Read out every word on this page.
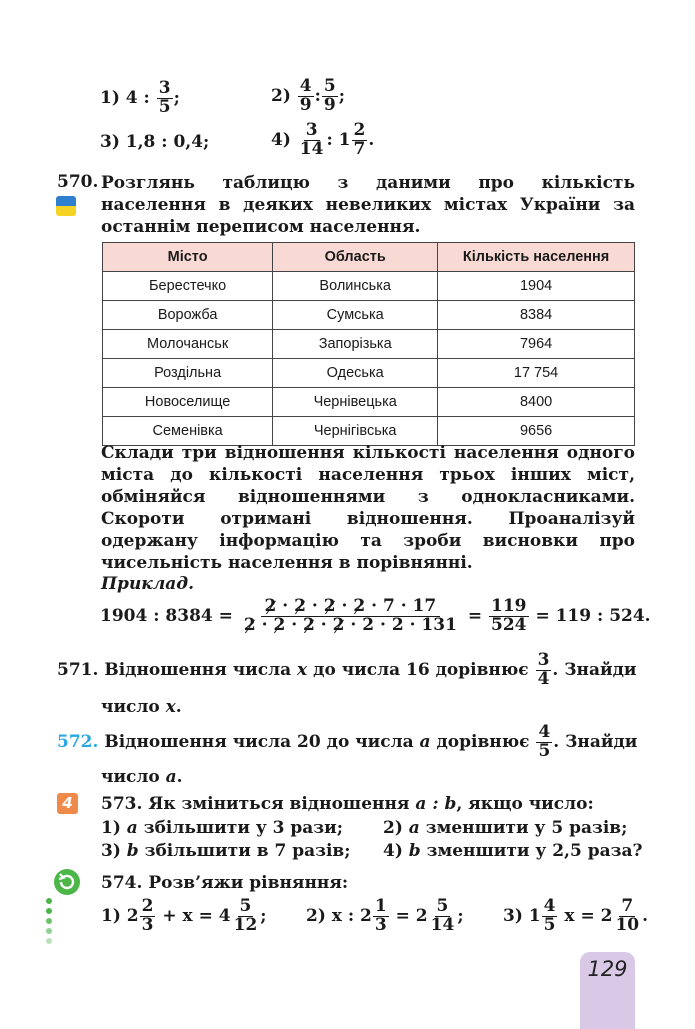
1) 4 :
$\frac{3}{5}$ ;	2)
$\frac{4}{9}$ : $\frac{5}{9}$ ;
3) 1,8 : 0,4;	4)
$\frac{3}{14}$ : $1 \frac{2}{7}$ .
570. Розглянь таблицю з даними про кількість населення в деяких невеликих містах України за останнім переписом населення.
Місто	Область	Кількість населення
Берестечко	Волинська	1904
Ворожба	Сумська	8384
Молочанськ	Запорізька	7964
Роздільна	Одеська	17 754
Новоселище	Чернівецька	8400
Семенівка	Чернігівська	9656
Склади три відношення кількості населення одного міста до кількості населення трьох інших міст, обміняйся відношеннями з однокласниками. Скороти отримані відношення. Проаналізуй одержану інформацію та зроби висновки про чисельність населення в порівнянні.
Приклад.
1904 : 8384 =
$\frac{2 \cdot 2 \cdot 2 \cdot 2 \cdot 7 \cdot 17}{2 \cdot 2 \cdot 2 \cdot 2 \cdot 2 \cdot 2 \cdot 131}$
=
$\frac{119}{524}$
= 119 : 524.
571.
Відношення числа
x
до числа 16 дорівнює
$\frac{3}{4}$ . Знайди
число
x .
572.
Відношення числа 20 до числа
a
дорівнює
$\frac{4}{5}$ . Знайди
число
a .
4	573.
Як зміниться відношення
a : b , якщо число:
1)
a
збільшити у 3 рази; 2)
a
зменшити у 5 разів;
3)
b
збільшити в 7 разів; 4)
b
зменшити у 2,5 раза?
574.
Розв’яжи рівняння:
1) $2 \frac{2}{3}$
+ $x = 4 \frac{5}{12}$ ; 2) x : $2 \frac{1}{3}$
= $2 \frac{5}{14}$ ; 3) $1 \frac{4}{5}$
$x = 2 \frac{7}{10}$ .
129
